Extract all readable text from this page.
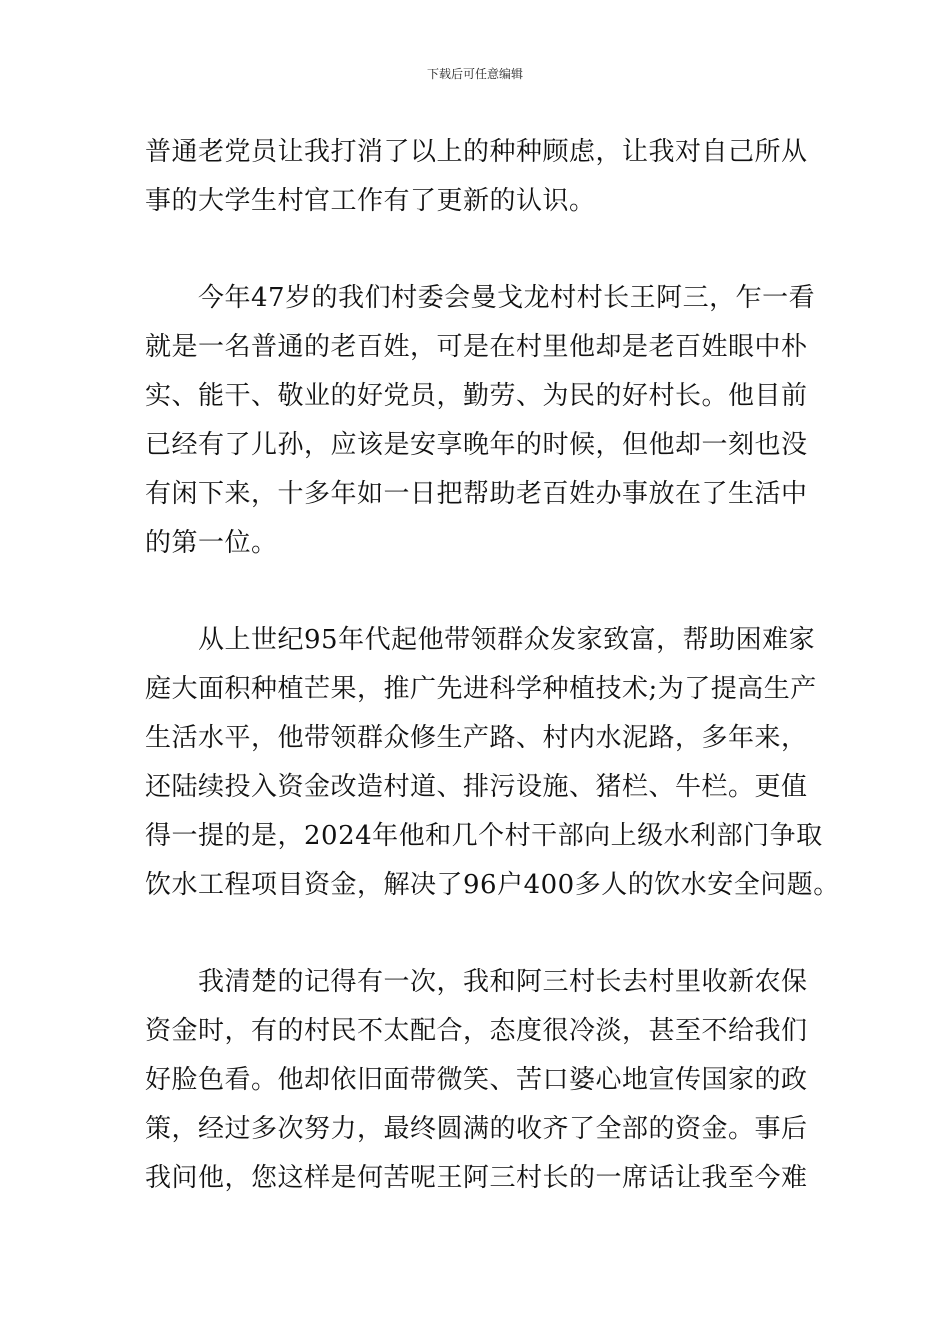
下载后可任意编辑
普通老党员让我打消了以上的种种顾虑，让我对自己所从
事的大学生村官工作有了更新的认识。
　　今年47岁的我们村委会曼戈龙村村长王阿三，乍一看
就是一名普通的老百姓，可是在村里他却是老百姓眼中朴
实、能干、敬业的好党员，勤劳、为民的好村长。他目前
已经有了儿孙，应该是安享晚年的时候，但他却一刻也没
有闲下来，十多年如一日把帮助老百姓办事放在了生活中
的第一位。
　　从上世纪95年代起他带领群众发家致富，帮助困难家
庭大面积种植芒果，推广先进科学种植技术;为了提高生产
生活水平，他带领群众修生产路、村内水泥路，多年来，
还陆续投入资金改造村道、排污设施、猪栏、牛栏。更值
得一提的是，2024年他和几个村干部向上级水利部门争取
饮水工程项目资金，解决了96户400多人的饮水安全问题。
　　我清楚的记得有一次，我和阿三村长去村里收新农保
资金时，有的村民不太配合，态度很冷淡，甚至不给我们
好脸色看。他却依旧面带微笑、苦口婆心地宣传国家的政
策，经过多次努力，最终圆满的收齐了全部的资金。事后
我问他，您这样是何苦呢王阿三村长的一席话让我至今难
